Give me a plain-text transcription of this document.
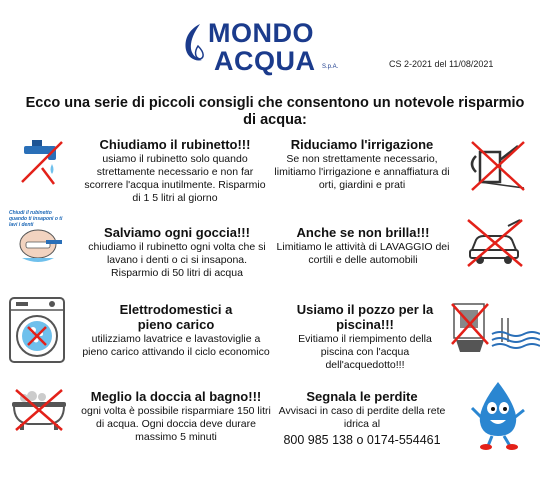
MONDO
ACQUA S.p.A.	CS 2-2021 del 11/08/2021
Ecco una serie di piccoli consigli che consentono un notevole risparmio di acqua:
Chiudiamo il rubinetto!!!

usiamo il rubinetto solo quando strettamente necessario e non far scorrere l'acqua inutilmente. Risparmio di 1 5 litri al giorno

Riduciamo l'irrigazione

Se non strettamente necessario, limitiamo l'irrigazione e annaffiatura di orti, giardini e prati

Salviamo ogni goccia!!!

chiudiamo il rubinetto ogni volta che si lavano i denti o ci si insapona. Risparmio di 50 litri di acqua

Anche se non brilla!!!

Limitiamo le attività di LAVAGGIO dei cortili e delle automobili

Elettrodomestici a pieno carico

utilizziamo lavatrice e lavastoviglie a pieno carico attivando il ciclo economico

Usiamo il pozzo per la piscina!!!

Evitiamo il riempimento della piscina con l'acqua dell'acquedotto!!!

Meglio la doccia al bagno!!!

ogni volta è possibile risparmiare 150 litri di acqua. Ogni doccia deve durare massimo 5 minuti

Segnala le perdite

Avvisaci in caso di perdite della rete idrica al

800 985 138 o 0174-554461

Chiudi il rubinetto quando ti insaponi o ti lavi i denti
